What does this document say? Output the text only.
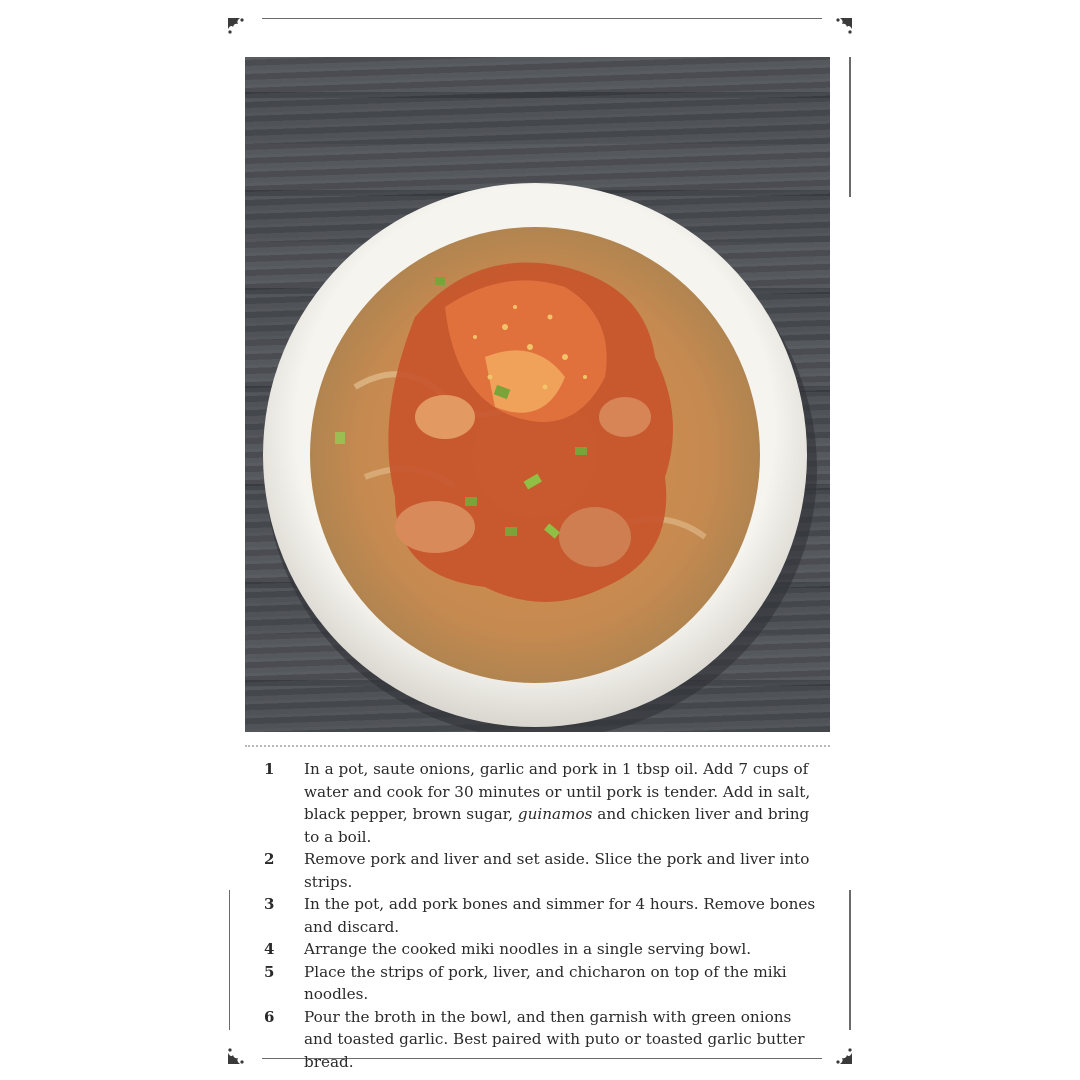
1	In a pot, saute onions, garlic and pork in 1 tbsp oil. Add 7 cups of water and cook for 30 minutes or until pork is tender. Add in salt, black pepper, brown sugar, guinamos and chicken liver and bring to a boil.
2	Remove pork and liver and set aside. Slice the pork and liver into strips.
3	In the pot, add pork bones and simmer for 4 hours. Remove bones and discard.
4	Arrange the cooked miki noodles in a single serving bowl.
5	Place the strips of pork, liver, and chicharon on top of the miki noodles.
6	Pour the broth in the bowl, and then garnish with green onions and toasted garlic. Best paired with puto or toasted garlic butter bread.
